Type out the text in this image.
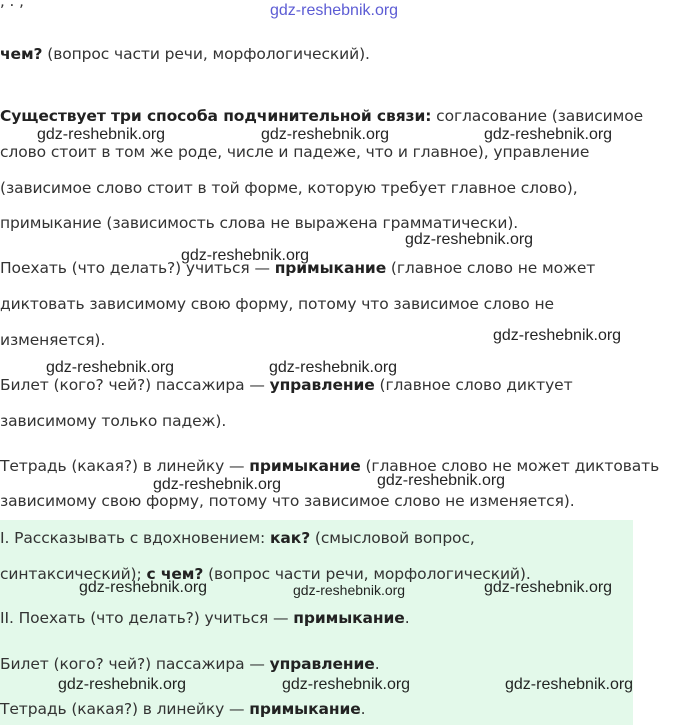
, . ,
чем? (вопрос части речи, морфологический).
Существует три способа подчинительной связи: согласование (зависимое
слово стоит в том же роде, числе и падеже, что и главное), управление
(зависимое слово стоит в той форме, которую требует главное слово),
примыкание (зависимость слова не выражена грамматически).
Поехать (что делать?) учиться — примыкание (главное слово не может
диктовать зависимому свою форму, потому что зависимое слово не
изменяется).
Билет (кого? чей?) пассажира — управление (главное слово диктует
зависимому только падеж).
Тетрадь (какая?) в линейку — примыкание (главное слово не может диктовать
зависимому свою форму, потому что зависимое слово не изменяется).
I. Рассказывать с вдохновением: как? (смысловой вопрос,
синтаксический); с чем? (вопрос части речи, морфологический).
II. Поехать (что делать?) учиться — примыкание.
Билет (кого? чей?) пассажира — управление.
Тетрадь (какая?) в линейку — примыкание.
gdz-reshebnik.org
gdz-reshebnik.org	gdz-reshebnik.org	gdz-reshebnik.org
gdz-reshebnik.org
gdz-reshebnik.org
gdz-reshebnik.org
gdz-reshebnik.org	gdz-reshebnik.org
gdz-reshebnik.org
gdz-reshebnik.org
gdz-reshebnik.org	gdz-reshebnik.org
gdz-reshebnik.org
gdz-reshebnik.org	gdz-reshebnik.org	gdz-reshebnik.org
